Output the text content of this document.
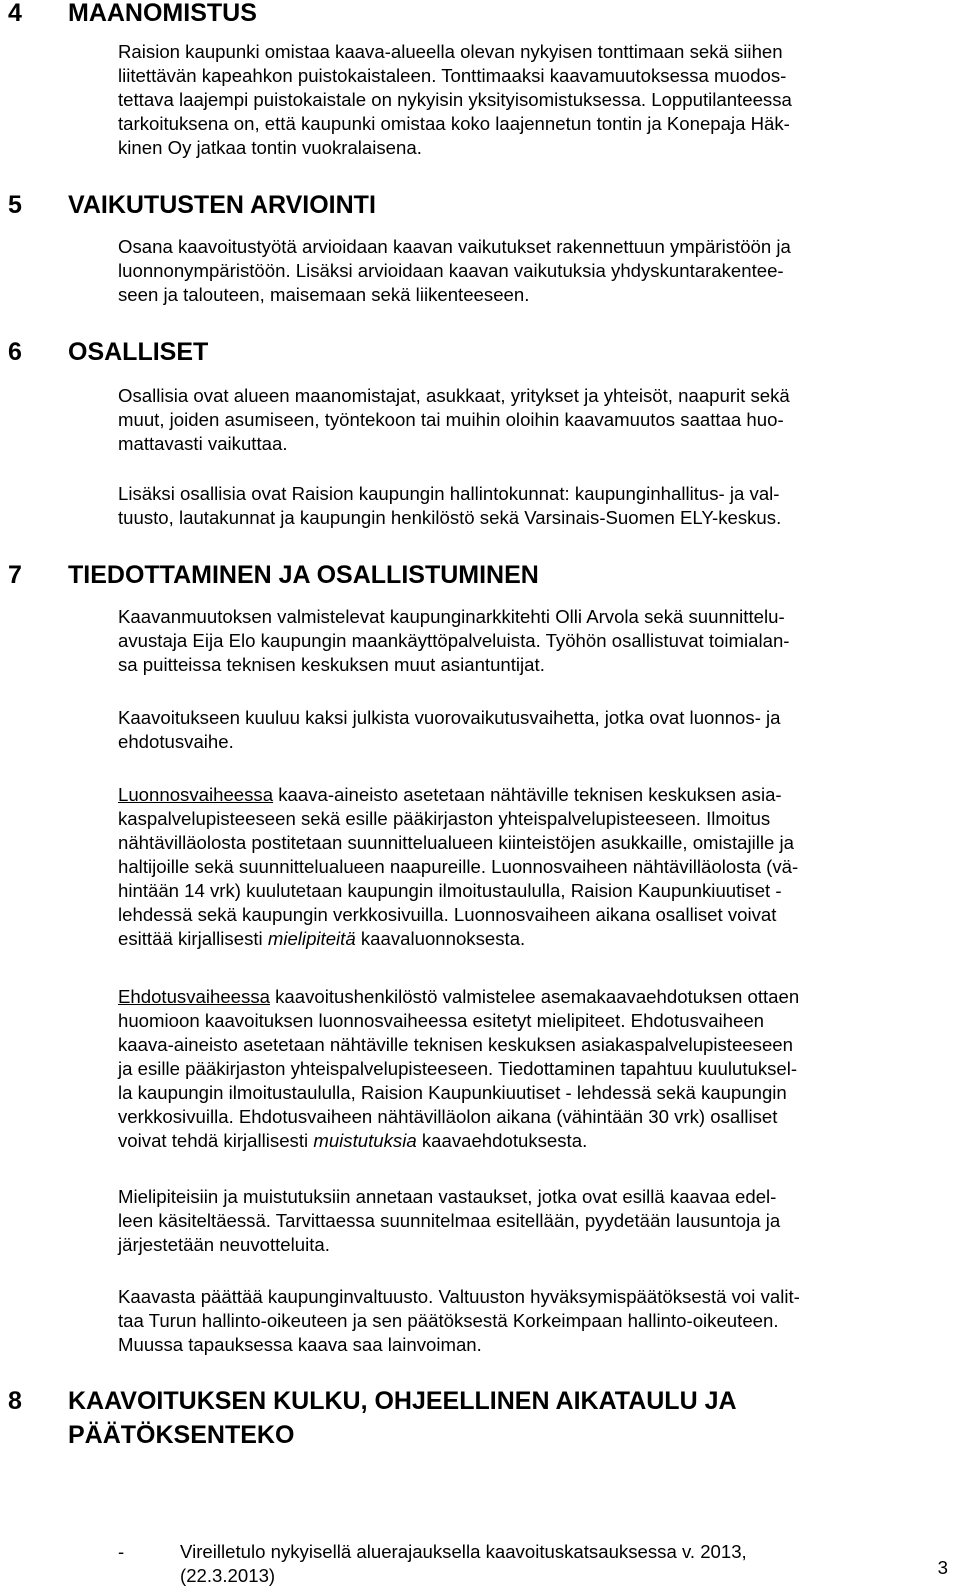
4 MAANOMISTUS

Raision kaupunki omistaa kaava-alueella olevan nykyisen tonttimaan sekä siihen
liitettävän kapeahkon puistokaistaleen. Tonttimaaksi kaavamuutoksessa muodos-
tettava laajempi puistokaistale on nykyisin yksityisomistuksessa. Lopputilanteessa
tarkoituksena on, että kaupunki omistaa koko laajennetun tontin ja Konepaja Häk-
kinen Oy jatkaa tontin vuokralaisena.

5 VAIKUTUSTEN ARVIOINTI

Osana kaavoitustyötä arvioidaan kaavan vaikutukset rakennettuun ympäristöön ja
luonnonympäristöön. Lisäksi arvioidaan kaavan vaikutuksia yhdyskuntarakentee-
seen ja talouteen, maisemaan sekä liikenteeseen.

6 OSALLISET

Osallisia ovat alueen maanomistajat, asukkaat, yritykset ja yhteisöt, naapurit sekä
muut, joiden asumiseen, työntekoon tai muihin oloihin kaavamuutos saattaa huo-
mattavasti vaikuttaa.

Lisäksi osallisia ovat Raision kaupungin hallintokunnat: kaupunginhallitus- ja val-
tuusto, lautakunnat ja kaupungin henkilöstö sekä Varsinais-Suomen ELY-keskus.

7 TIEDOTTAMINEN JA OSALLISTUMINEN

Kaavanmuutoksen valmistelevat kaupunginarkkitehti Olli Arvola sekä suunnittelu-
avustaja Eija Elo kaupungin maankäyttöpalveluista. Työhön osallistuvat toimialan-
sa puitteissa teknisen keskuksen muut asiantuntijat.

Kaavoitukseen kuuluu kaksi julkista vuorovaikutusvaihetta, jotka ovat luonnos- ja
ehdotusvaihe.

Luonnosvaiheessa kaava-aineisto asetetaan nähtäville teknisen keskuksen asia-
kaspalvelupisteeseen sekä esille pääkirjaston yhteispalvelupisteeseen. Ilmoitus
nähtävilläolosta postitetaan suunnittelualueen kiinteistöjen asukkaille, omistajille ja
haltijoille sekä suunnittelualueen naapureille. Luonnosvaiheen nähtävilläolosta (vä-
hintään 14 vrk) kuulutetaan kaupungin ilmoitustaululla, Raision Kaupunkiuutiset -
lehdessä sekä kaupungin verkkosivuilla. Luonnosvaiheen aikana osalliset voivat
esittää kirjallisesti mielipiteitä kaavaluonnoksesta.

Ehdotusvaiheessa kaavoitushenkilöstö valmistelee asemakaavaehdotuksen ottaen
huomioon kaavoituksen luonnosvaiheessa esitetyt mielipiteet. Ehdotusvaiheen
kaava-aineisto asetetaan nähtäville teknisen keskuksen asiakaspalvelupisteeseen
ja esille pääkirjaston yhteispalvelupisteeseen. Tiedottaminen tapahtuu kuulutuksel-
la kaupungin ilmoitustaululla, Raision Kaupunkiuutiset - lehdessä sekä kaupungin
verkkosivuilla. Ehdotusvaiheen nähtävilläolon aikana (vähintään 30 vrk) osalliset
voivat tehdä kirjallisesti muistutuksia kaavaehdotuksesta.

Mielipiteisiin ja muistutuksiin annetaan vastaukset, jotka ovat esillä kaavaa edel-
leen käsiteltäessä. Tarvittaessa suunnitelmaa esitellään, pyydetään lausuntoja ja
järjestetään neuvotteluita.

Kaavasta päättää kaupunginvaltuusto. Valtuuston hyväksymispäätöksestä voi valit-
taa Turun hallinto-oikeuteen ja sen päätöksestä Korkeimpaan hallinto-oikeuteen.
Muussa tapauksessa kaava saa lainvoiman.

8 KAAVOITUKSEN KULKU, OHJEELLINEN AIKATAULU JA
PÄÄTÖKSENTEKO
-	Vireilletulo nykyisellä aluerajauksella kaavoituskatsauksessa v. 2013,
(22.3.2013)	3
